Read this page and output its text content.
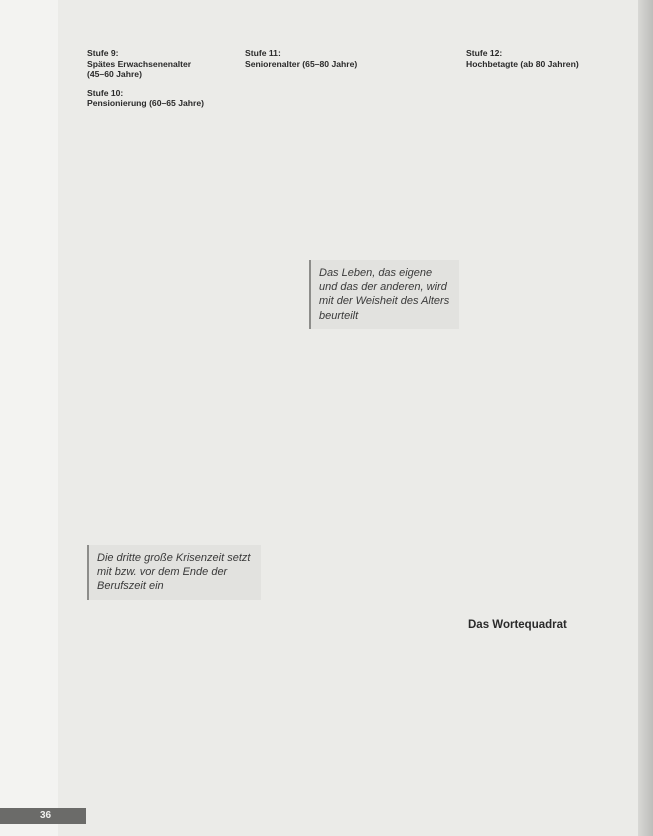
Stufe 9:
Spätes Erwachsenenalter
(45–60 Jahre)

Stufe 10:
Pensionierung (60–65 Jahre)

Stufe 11:
Seniorenalter (65–80 Jahre)

Stufe 12:
Hochbetagte (ab 80 Jahren)

Das Leben, das eigene und das der anderen, wird mit der Weisheit des Alters beurteilt
Die dritte große Krisenzeit setzt mit bzw. vor dem Ende der Berufszeit ein
Das Wortequadrat
36
